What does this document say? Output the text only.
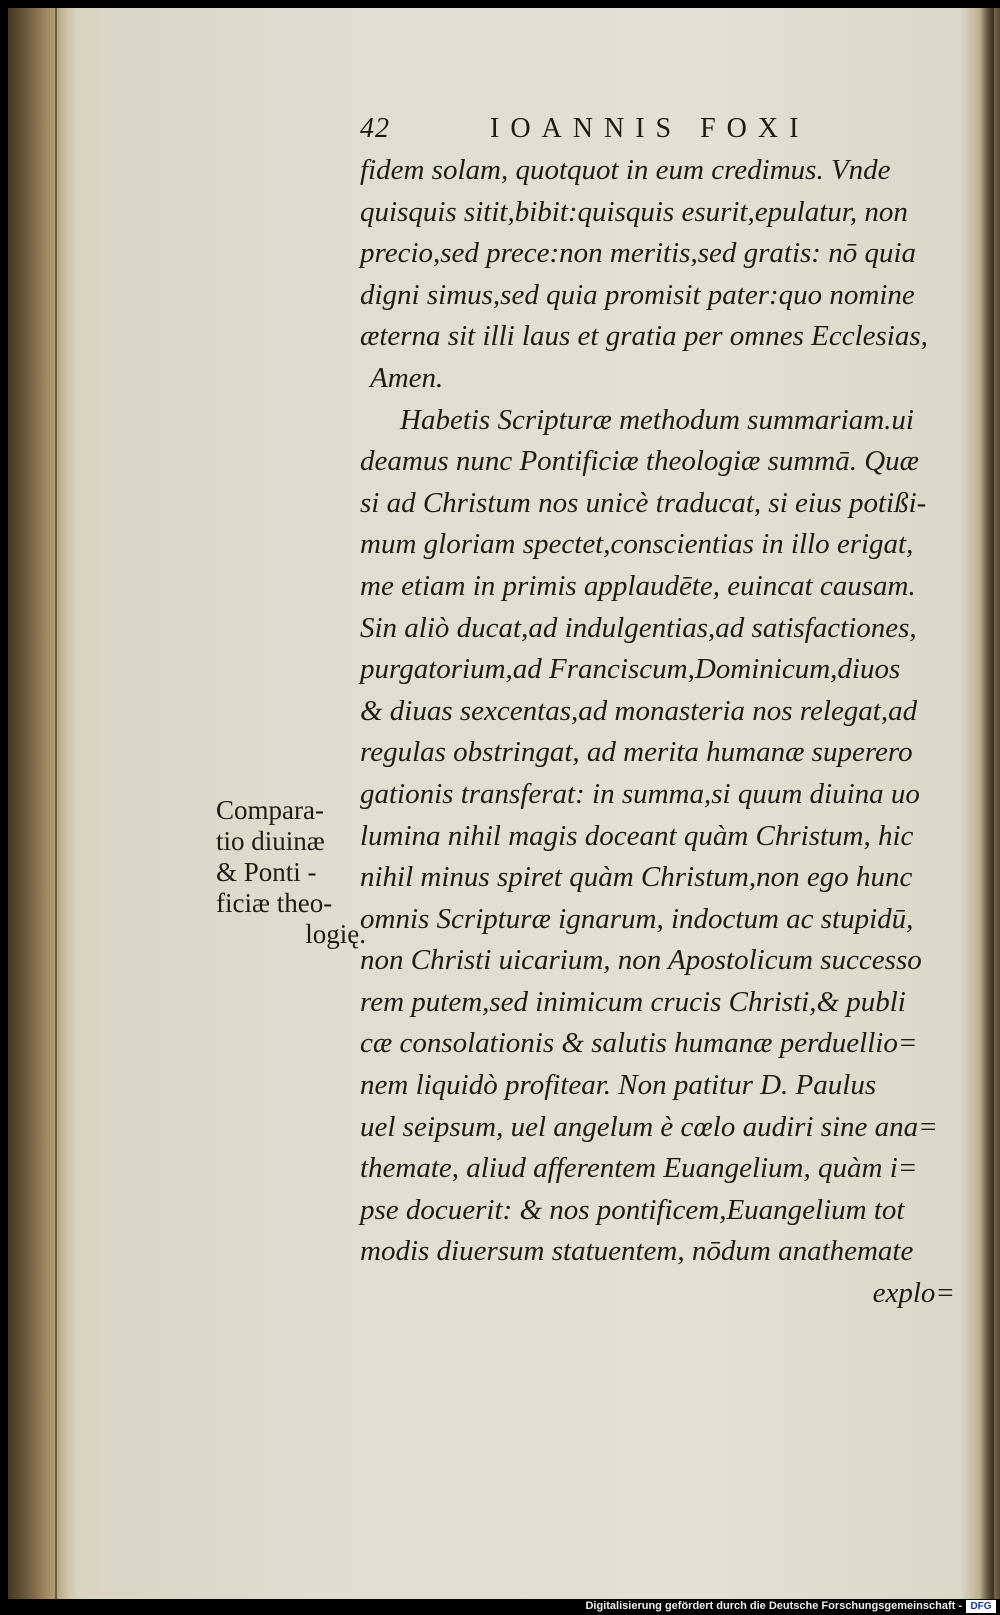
42	IOANNIS FOXI
fidem solam, quotquot in eum credimus. Vnde
quisquis sitit,bibit:quisquis esurit,epulatur, non
precio,sed prece:non meritis,sed gratis: nō quia
digni simus,sed quia promisit pater:quo nomine
æterna sit illi laus et gratia per omnes Ecclesias,
Amen.
Habetis Scripturæ methodum summariam.ui
deamus nunc Pontificiæ theologiæ summā. Quæ
si ad Christum nos unicè traducat, si eius potißi-
mum gloriam spectet,conscientias in illo erigat,
me etiam in primis applaudēte, euincat causam.
Sin aliò ducat,ad indulgentias,ad satisfactiones,
purgatorium,ad Franciscum,Dominicum,diuos
& diuas sexcentas,ad monasteria nos relegat,ad
regulas obstringat, ad merita humanæ superero
gationis transferat: in summa,si quum diuina uo
lumina nihil magis doceant quàm Christum, hic
nihil minus spiret quàm Christum,non ego hunc
omnis Scripturæ ignarum, indoctum ac stupidū,
non Christi uicarium, non Apostolicum successo
rem putem,sed inimicum crucis Christi,& publi
cæ consolationis & salutis humanæ perduellio=
nem liquidò profitear. Non patitur D. Paulus
uel seipsum, uel angelum è cœlo audiri sine ana=
themate, aliud afferentem Euangelium, quàm i=
pse docuerit: & nos pontificem,Euangelium tot
modis diuersum statuentem, nōdum anathemate
explo=
Compara-
tio diuinæ
& Ponti -
ficiæ theo-
logię.
Digitalisierung gefördert durch die Deutsche Forschungsgemeinschaft - DFG
